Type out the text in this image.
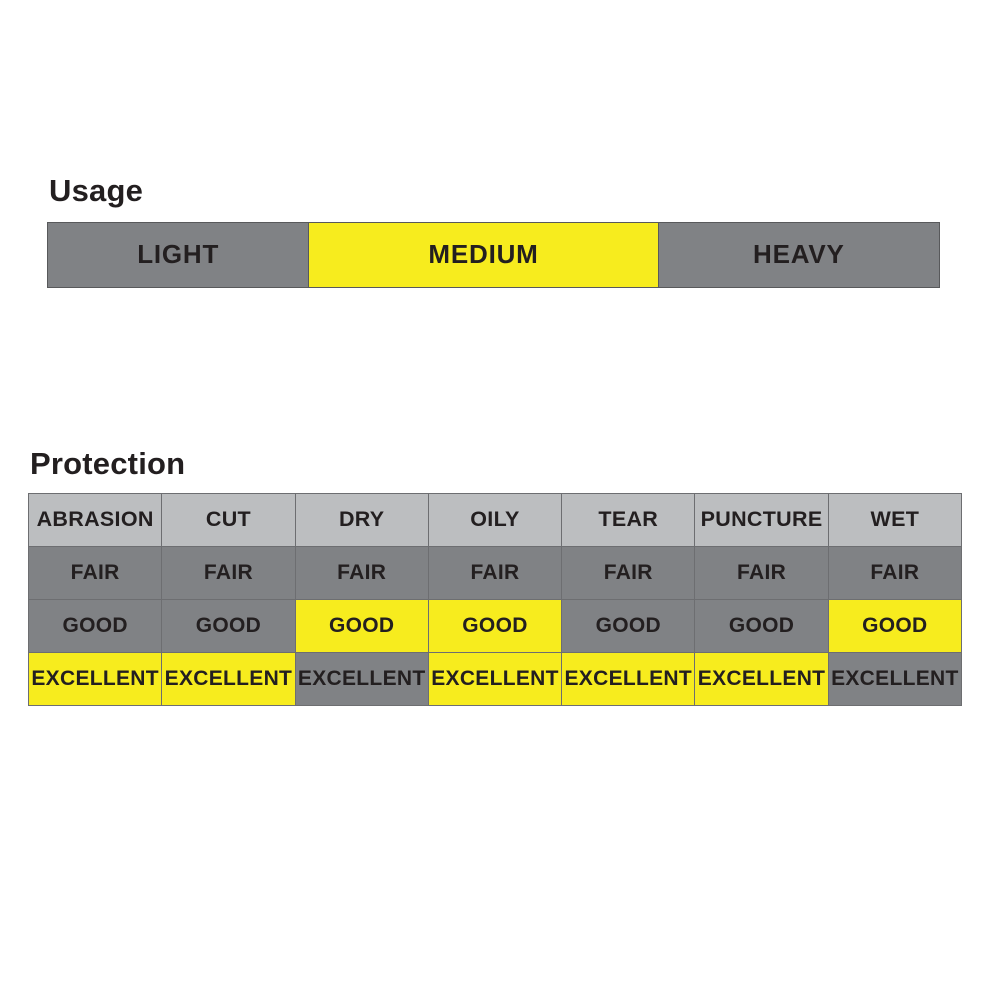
Usage
LIGHT	MEDIUM	HEAVY
Protection
ABRASION	CUT	DRY	OILY	TEAR	PUNCTURE	WET
FAIR	FAIR	FAIR	FAIR	FAIR	FAIR	FAIR
GOOD	GOOD	GOOD	GOOD	GOOD	GOOD	GOOD
EXCELLENT	EXCELLENT	EXCELLENT	EXCELLENT	EXCELLENT	EXCELLENT	EXCELLENT
